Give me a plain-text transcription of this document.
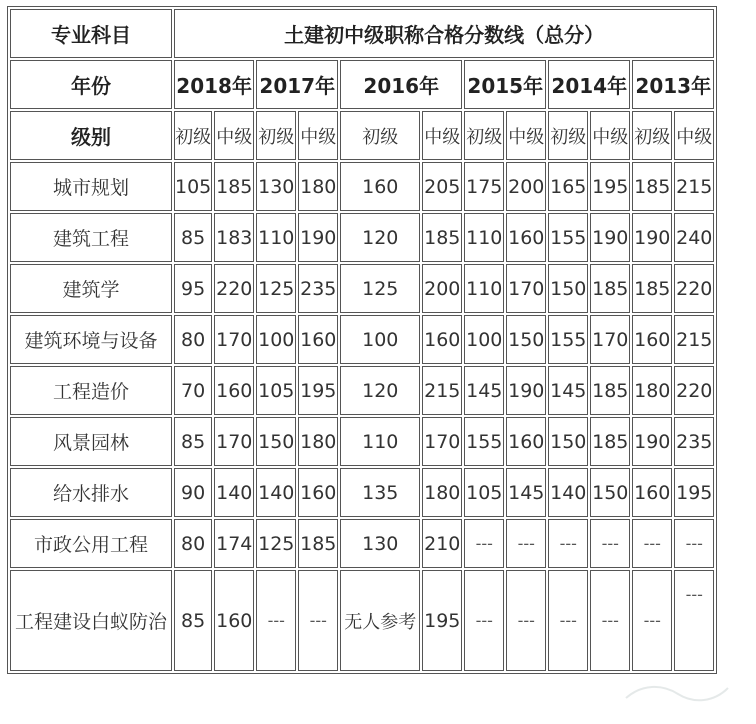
专业科目	土建初中级职称合格分数线（总分）											
年份	2018年		2017年		2016年		2015年		2014年		2013年	
级别	初级	中级	初级	中级	初级	中级	初级	中级	初级	中级	初级	中级
城市规划	105	185	130	180	160	205	175	200	165	195	185	215
建筑工程	85	183	110	190	120	185	110	160	155	190	190	240
建筑学	95	220	125	235	125	200	110	170	150	185	185	220
建筑环境与设备	80	170	100	160	100	160	100	150	155	170	160	215
工程造价	70	160	105	195	120	215	145	190	145	185	180	220
风景园林	85	170	150	180	110	170	155	160	150	185	190	235
给水排水	90	140	140	160	135	180	105	145	140	150	160	195
市政公用工程	80	174	125	185	130	210	---	---	---	---	---	---
工程建设白蚁防治	85	160	---	---	无人参考	195	---	---	---	---	---	---
